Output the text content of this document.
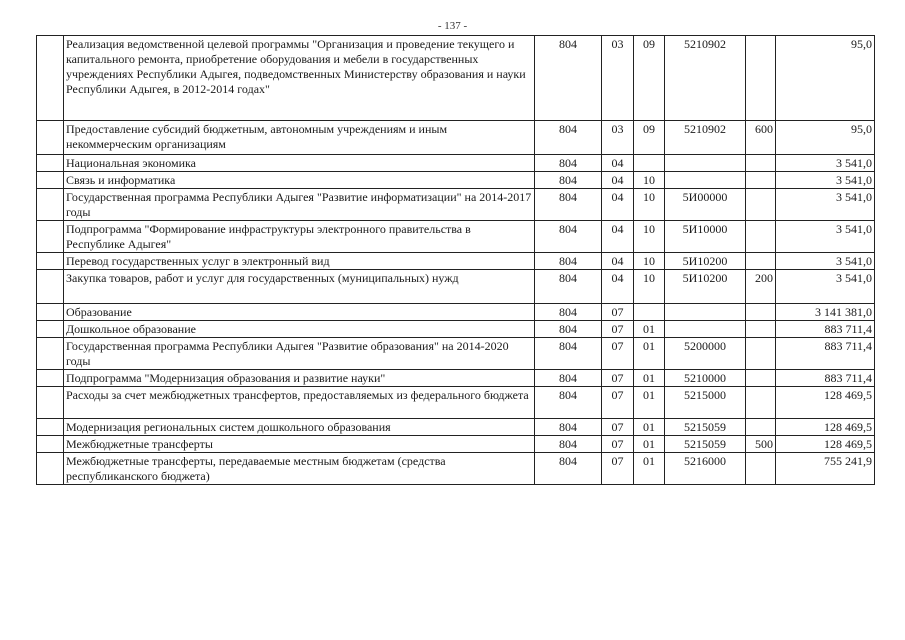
- 137 -
	Реализация ведомственной целевой программы "Организация и проведение текущего и капитального ремонта, приобретение оборудования и мебели в государственных учреждениях Республики Адыгея, подведомственных Министерству образования и науки Республики Адыгея, в 2012-2014 годах"	804	03	09	5210902		95,0
	Предоставление субсидий бюджетным, автономным учреждениям и иным некоммерческим организациям	804	03	09	5210902	600	95,0
	Национальная экономика	804	04				3 541,0
	Связь и информатика	804	04	10			3 541,0
	Государственная программа Республики Адыгея "Развитие информатизации" на 2014-2017 годы	804	04	10	5И00000		3 541,0
	Подпрограмма "Формирование инфраструктуры электронного правительства в Республике Адыгея"	804	04	10	5И10000		3 541,0
	Перевод государственных услуг в электронный вид	804	04	10	5И10200		3 541,0
	Закупка товаров, работ и услуг для государственных (муниципальных) нужд	804	04	10	5И10200	200	3 541,0
	Образование	804	07				3 141 381,0
	Дошкольное образование	804	07	01			883 711,4
	Государственная программа Республики Адыгея "Развитие образования" на 2014-2020 годы	804	07	01	5200000		883 711,4
	Подпрограмма "Модернизация образования и развитие науки"	804	07	01	5210000		883 711,4
	Расходы за счет межбюджетных трансфертов, предоставляемых из федерального бюджета	804	07	01	5215000		128 469,5
	Модернизация региональных систем дошкольного образования	804	07	01	5215059		128 469,5
	Межбюджетные трансферты	804	07	01	5215059	500	128 469,5
	Межбюджетные трансферты, передаваемые местным бюджетам (средства республиканского бюджета)	804	07	01	5216000		755 241,9
